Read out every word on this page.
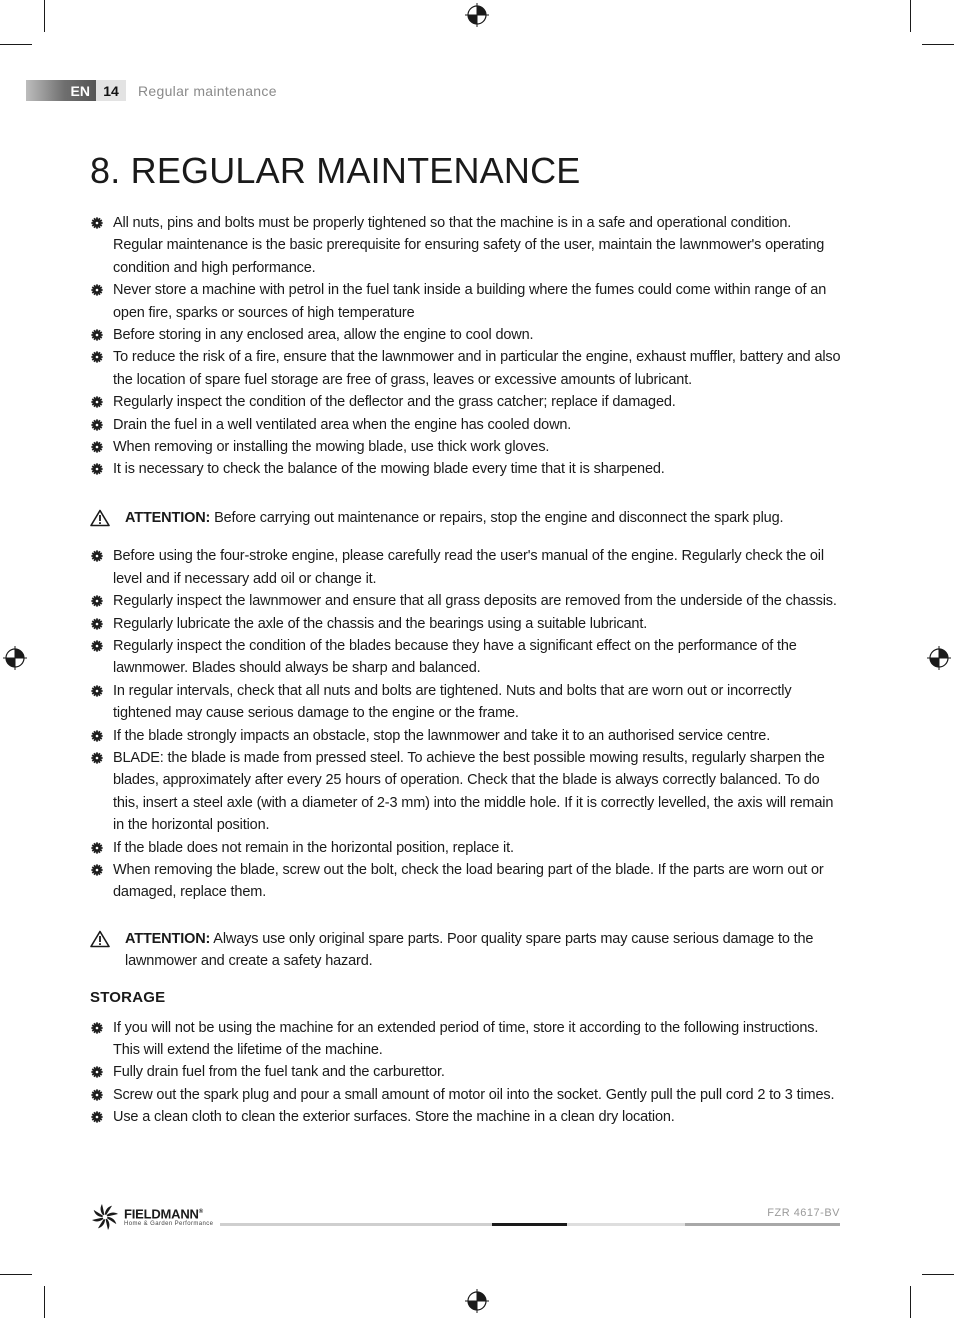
EN 14	Regular maintenance
8. REGULAR MAINTENANCE
All nuts, pins and bolts must be properly tightened so that the machine is in a safe and operational condition. Regular maintenance is the basic prerequisite for ensuring safety of the user, maintain the lawnmower's operating condition and high performance.
Never store a machine with petrol in the fuel tank inside a building where the fumes could come within range of an open fire, sparks or sources of high temperature
Before storing in any enclosed area, allow the engine to cool down.
To reduce the risk of a fire, ensure that the lawnmower and in particular the engine, exhaust muffler, battery and also the location of spare fuel storage are free of grass, leaves or excessive amounts of lubricant.
Regularly inspect the condition of the deflector and the grass catcher; replace if damaged.
Drain the fuel in a well ventilated area when the engine has cooled down.
When removing or installing the mowing blade, use thick work gloves.
It is necessary to check the balance of the mowing blade every time that it is sharpened.
ATTENTION: Before carrying out maintenance or repairs, stop the engine and disconnect the spark plug.
Before using the four-stroke engine, please carefully read the user's manual of the engine. Regularly check the oil level and if necessary add oil or change it.
Regularly inspect the lawnmower and ensure that all grass deposits are removed from the underside of the chassis.
Regularly lubricate the axle of the chassis and the bearings using a suitable lubricant.
Regularly inspect the condition of the blades because they have a significant effect on the performance of the lawnmower. Blades should always be sharp and balanced.
In regular intervals, check that all nuts and bolts are tightened. Nuts and bolts that are worn out or incorrectly tightened may cause serious damage to the engine or the frame.
If the blade strongly impacts an obstacle, stop the lawnmower and take it to an authorised service centre.
BLADE: the blade is made from pressed steel. To achieve the best possible mowing results, regularly sharpen the blades, approximately after every 25 hours of operation. Check that the blade is always correctly balanced. To do this, insert a steel axle (with a diameter of 2-3 mm) into the middle hole. If it is correctly levelled, the axis will remain in the horizontal position.
If the blade does not remain in the horizontal position, replace it.
When removing the blade, screw out the bolt, check the load bearing part of the blade. If the parts are worn out or damaged, replace them.
ATTENTION: Always use only original spare parts. Poor quality spare parts may cause serious damage to the lawnmower and create a safety hazard.
STORAGE
If you will not be using the machine for an extended period of time, store it according to the following instructions. This will extend the lifetime of the machine.
Fully drain fuel from the fuel tank and the carburettor.
Screw out the spark plug and pour a small amount of motor oil into the socket. Gently pull the pull cord 2 to 3 times.
Use a clean cloth to clean the exterior surfaces. Store the machine in a clean dry location.
FIELDMANN®
Home & Garden Performance
FZR 4617-BV
